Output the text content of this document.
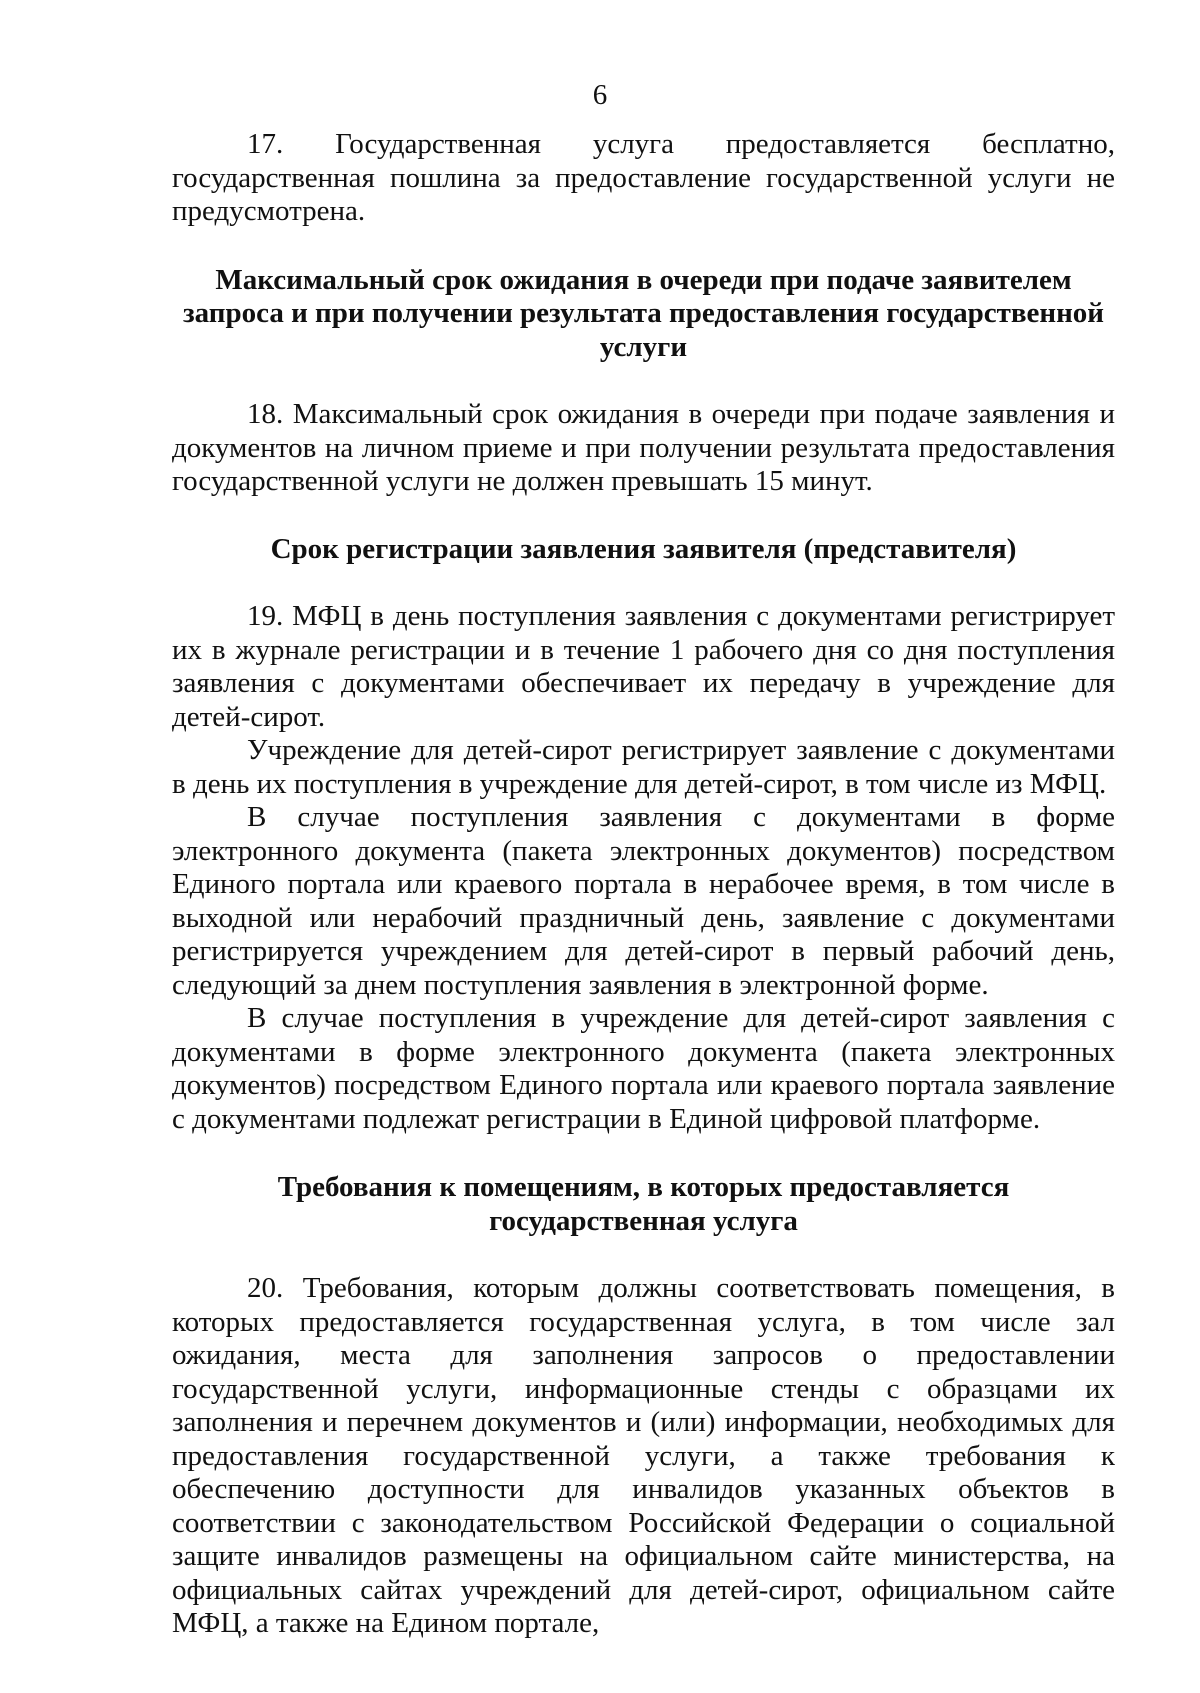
6

17. Государственная услуга предоставляется бесплатно, государственная пошлина за предоставление государственной услуги не предусмотрена.

Максимальный срок ожидания в очереди при подаче заявителем запроса и при получении результата предоставления государственной услуги

18. Максимальный срок ожидания в очереди при подаче заявления и документов на личном приеме и при получении результата предоставления государственной услуги не должен превышать 15 минут.

Срок регистрации заявления заявителя (представителя)

19. МФЦ в день поступления заявления с документами регистрирует их в журнале регистрации и в течение 1 рабочего дня со дня поступления заявления с документами обеспечивает их передачу в учреждение для детей-сирот.

Учреждение для детей-сирот регистрирует заявление с документами в день их поступления в учреждение для детей-сирот, в том числе из МФЦ.

В случае поступления заявления с документами в форме электронного документа (пакета электронных документов) посредством Единого портала или краевого портала в нерабочее время, в том числе в выходной или нерабочий праздничный день, заявление с документами регистрируется учреждением для детей-сирот в первый рабочий день, следующий за днем поступления заявления в электронной форме.

В случае поступления в учреждение для детей-сирот заявления с документами в форме электронного документа (пакета электронных документов) посредством Единого портала или краевого портала заявление с документами подлежат регистрации в Единой цифровой платформе.

Требования к помещениям, в которых предоставляется государственная услуга

20. Требования, которым должны соответствовать помещения, в которых предоставляется государственная услуга, в том числе зал ожидания, места для заполнения запросов о предоставлении государственной услуги, информационные стенды с образцами их заполнения и перечнем документов и (или) информации, необходимых для предоставления государственной услуги, а также требования к обеспечению доступности для инвалидов указанных объектов в соответствии с законодательством Российской Федерации о социальной защите инвалидов размещены на официальном сайте министерства, на официальных сайтах учреждений для детей-сирот, официальном сайте МФЦ, а также на Едином портале,
